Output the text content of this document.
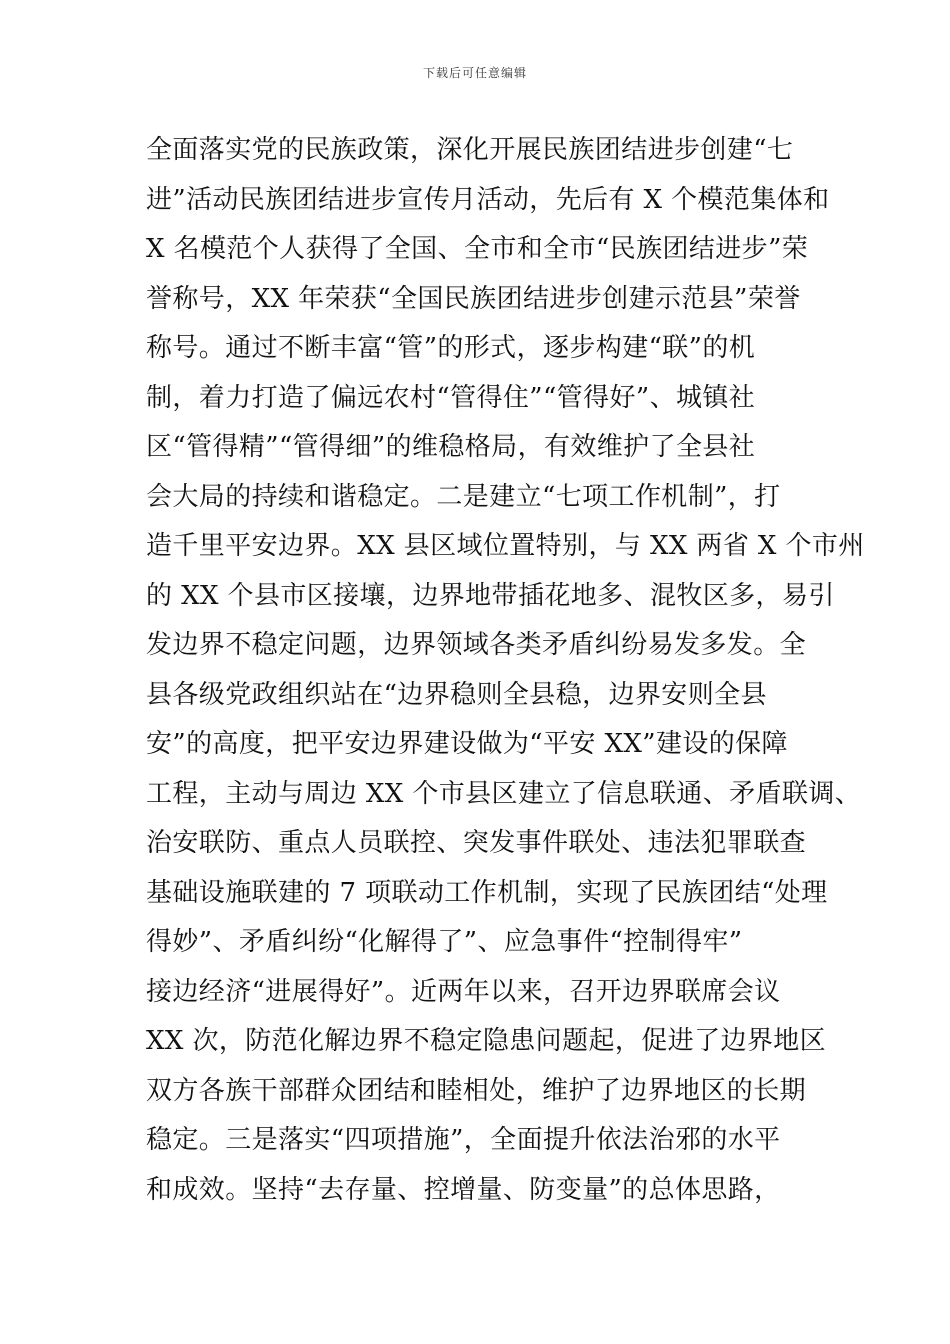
下载后可任意编辑
全面落实党的民族政策，深化开展民族团结进步创建“七
进”活动民族团结进步宣传月活动，先后有 X 个模范集体和
X 名模范个人获得了全国、全市和全市“民族团结进步”荣
誉称号，XX 年荣获“全国民族团结进步创建示范县”荣誉
称号。通过不断丰富“管”的形式，逐步构建“联”的机
制，着力打造了偏远农村“管得住”“管得好”、城镇社
区“管得精”“管得细”的维稳格局，有效维护了全县社
会大局的持续和谐稳定。二是建立“七项工作机制”，打
造千里平安边界。XX 县区域位置特别，与 XX 两省 X 个市州
的 XX 个县市区接壤，边界地带插花地多、混牧区多，易引
发边界不稳定问题，边界领域各类矛盾纠纷易发多发。全
县各级党政组织站在“边界稳则全县稳，边界安则全县
安”的高度，把平安边界建设做为“平安 XX”建设的保障
工程，主动与周边 XX 个市县区建立了信息联通、矛盾联调、
治安联防、重点人员联控、突发事件联处、违法犯罪联查
基础设施联建的 7 项联动工作机制，实现了民族团结“处理
得妙”、矛盾纠纷“化解得了”、应急事件“控制得牢”
接边经济“进展得好”。近两年以来，召开边界联席会议
XX 次，防范化解边界不稳定隐患问题起，促进了边界地区
双方各族干部群众团结和睦相处，维护了边界地区的长期
稳定。三是落实“四项措施”，全面提升依法治邪的水平
和成效。坚持“去存量、控增量、防变量”的总体思路，
